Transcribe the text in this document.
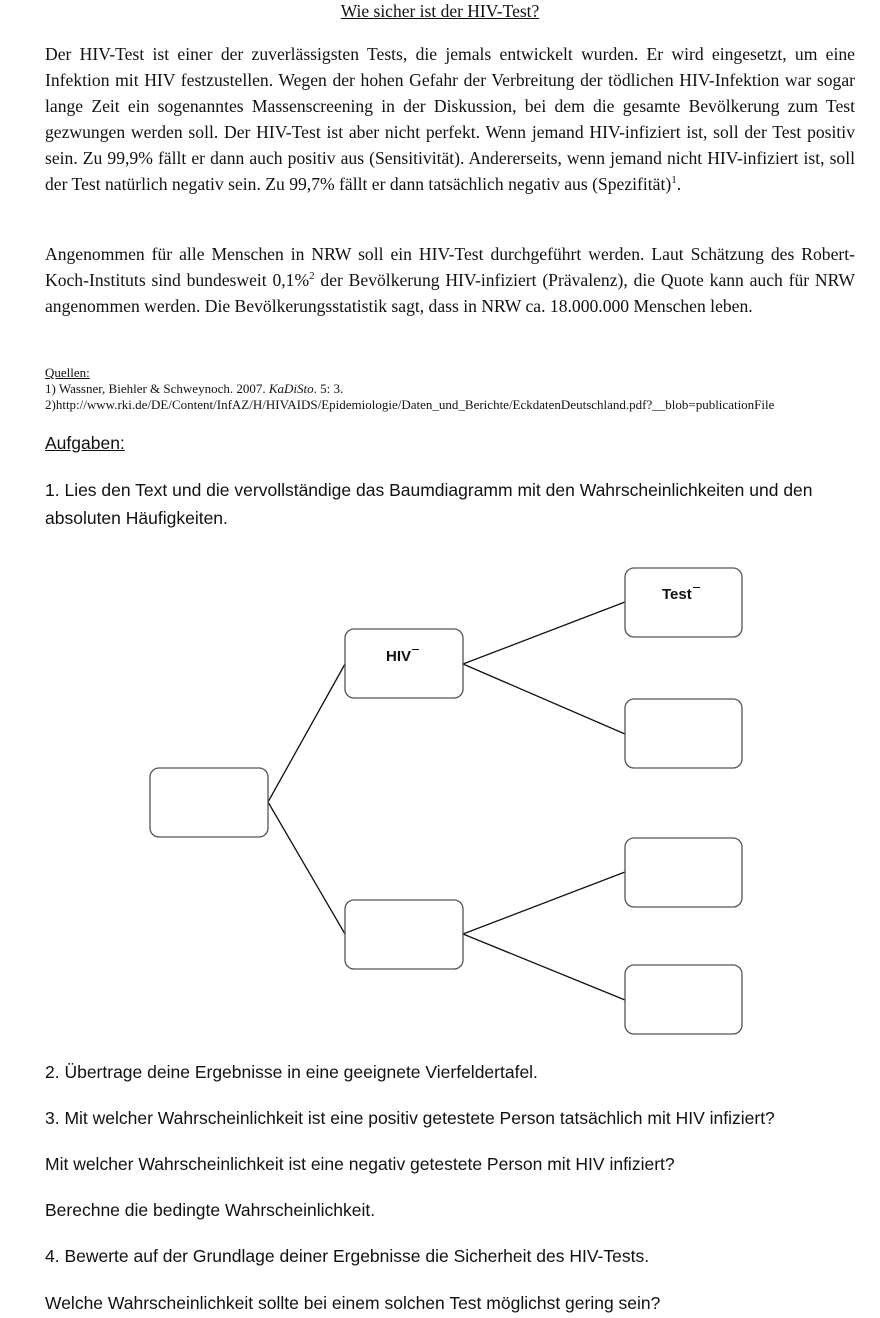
Wie sicher ist der HIV-Test?

Der HIV-Test ist einer der zuverlässigsten Tests, die jemals entwickelt wurden. Er wird eingesetzt, um eine Infektion mit HIV festzustellen. Wegen der hohen Gefahr der Verbreitung der tödlichen HIV-Infektion war sogar lange Zeit ein sogenanntes Massenscreening in der Diskussion, bei dem die gesamte Bevölkerung zum Test gezwungen werden soll. Der HIV-Test ist aber nicht perfekt. Wenn jemand HIV-infiziert ist, soll der Test positiv sein. Zu 99,9% fällt er dann auch positiv aus (Sensitivität). Andererseits, wenn jemand nicht HIV-infiziert ist, soll der Test natürlich negativ sein. Zu 99,7% fällt er dann tatsächlich negativ aus (Spezifität)$^1$.

Angenommen für alle Menschen in NRW soll ein HIV-Test durchgeführt werden. Laut Schätzung des Robert-Koch-Instituts sind bundesweit 0,1%$^2$ der Bevölkerung HIV-infiziert (Prävalenz), die Quote kann auch für NRW angenommen werden. Die Bevölkerungsstatistik sagt, dass in NRW ca. 18.000.000 Menschen leben.

Quellen:
1) Wassner, Biehler & Schweynoch. 2007. KaDiSto. 5: 3.
2)http://www.rki.de/DE/Content/InfAZ/H/HIVAIDS/Epidemiologie/Daten_und_Berichte/EckdatenDeutschland.pdf?__blob=publicationFile
Aufgaben:

1. Lies den Text und die vervollständige das Baumdiagramm mit den Wahrscheinlichkeiten und den absoluten Häufigkeiten.

HIV
Test

2. Übertrage deine Ergebnisse in eine geeignete Vierfeldertafel.

3. Mit welcher Wahrscheinlichkeit ist eine positiv getestete Person tatsächlich mit HIV infiziert?

Mit welcher Wahrscheinlichkeit ist eine negativ getestete Person mit HIV infiziert?

Berechne die bedingte Wahrscheinlichkeit.

4. Bewerte auf der Grundlage deiner Ergebnisse die Sicherheit des HIV-Tests.

Welche Wahrscheinlichkeit sollte bei einem solchen Test möglichst gering sein?
